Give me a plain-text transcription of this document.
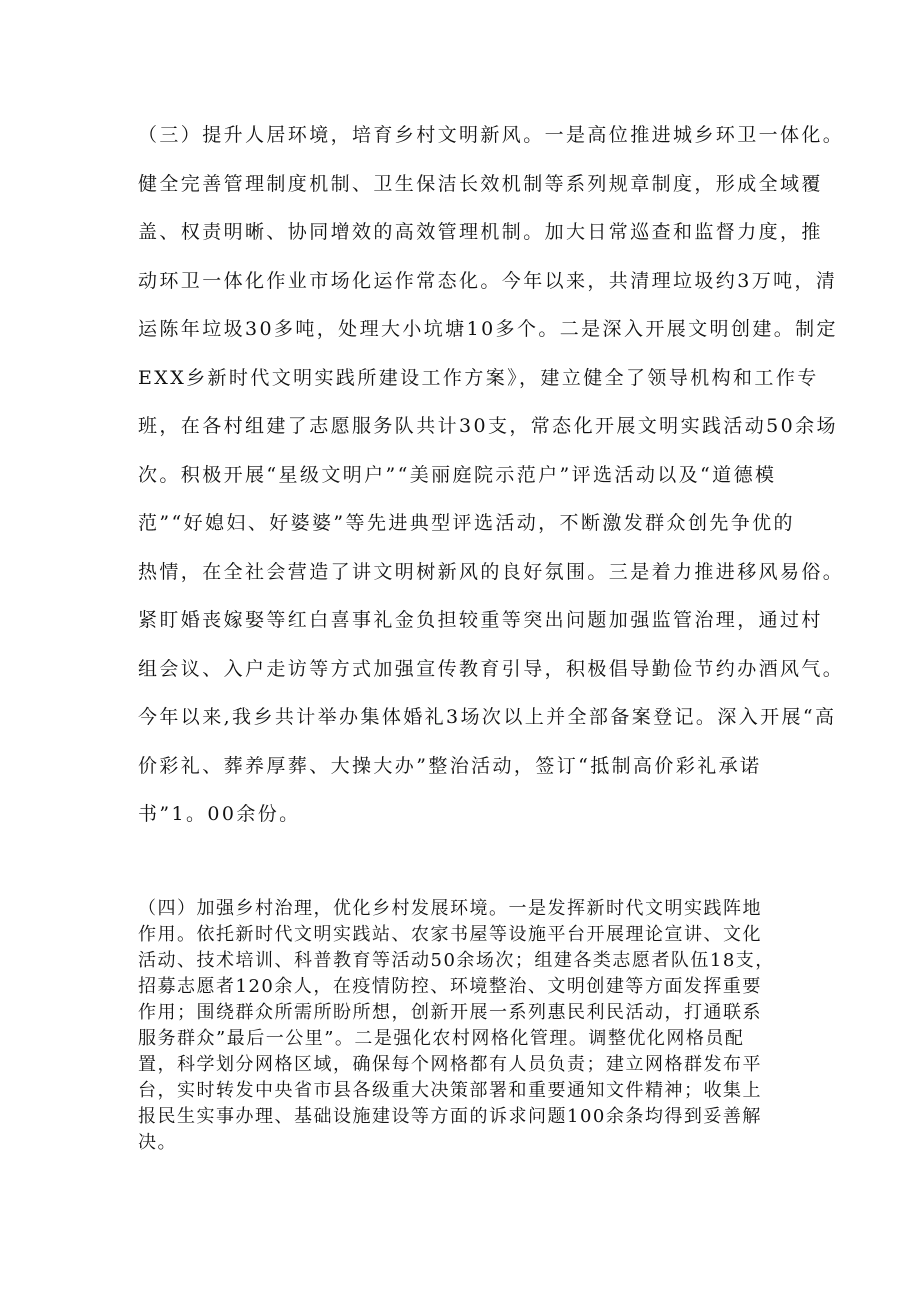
（三）提升人居环境，培育乡村文明新风。一是高位推进城乡环卫一体化。
健全完善管理制度机制、卫生保洁长效机制等系列规章制度，形成全域覆
盖、权责明晰、协同增效的高效管理机制。加大日常巡查和监督力度，推
动环卫一体化作业市场化运作常态化。今年以来，共清理垃圾约3万吨，清
运陈年垃圾30多吨，处理大小坑塘10多个。二是深入开展文明创建。制定
EXX乡新时代文明实践所建设工作方案》，建立健全了领导机构和工作专
班，在各村组建了志愿服务队共计30支，常态化开展文明实践活动50余场
次。积极开展“星级文明户”“美丽庭院示范户”评选活动以及“道德模
范”“好媳妇、好婆婆”等先进典型评选活动，不断激发群众创先争优的
热情，在全社会营造了讲文明树新风的良好氛围。三是着力推进移风易俗。
紧盯婚丧嫁娶等红白喜事礼金负担较重等突出问题加强监管治理，通过村
组会议、入户走访等方式加强宣传教育引导，积极倡导勤俭节约办酒风气。
今年以来,我乡共计举办集体婚礼3场次以上并全部备案登记。深入开展“高
价彩礼、葬养厚葬、大操大办”整治活动，签订“抵制高价彩礼承诺
书”1。00余份。
（四）加强乡村治理，优化乡村发展环境。一是发挥新时代文明实践阵地
作用。依托新时代文明实践站、农家书屋等设施平台开展理论宣讲、文化
活动、技术培训、科普教育等活动50余场次；组建各类志愿者队伍18支，
招募志愿者120余人，在疫情防控、环境整治、文明创建等方面发挥重要
作用；围绕群众所需所盼所想，创新开展一系列惠民利民活动，打通联系
服务群众”最后一公里”。二是强化农村网格化管理。调整优化网格员配
置，科学划分网格区域，确保每个网格都有人员负责；建立网格群发布平
台，实时转发中央省市县各级重大决策部署和重要通知文件精神；收集上
报民生实事办理、基础设施建设等方面的诉求问题100余条均得到妥善解
决。
